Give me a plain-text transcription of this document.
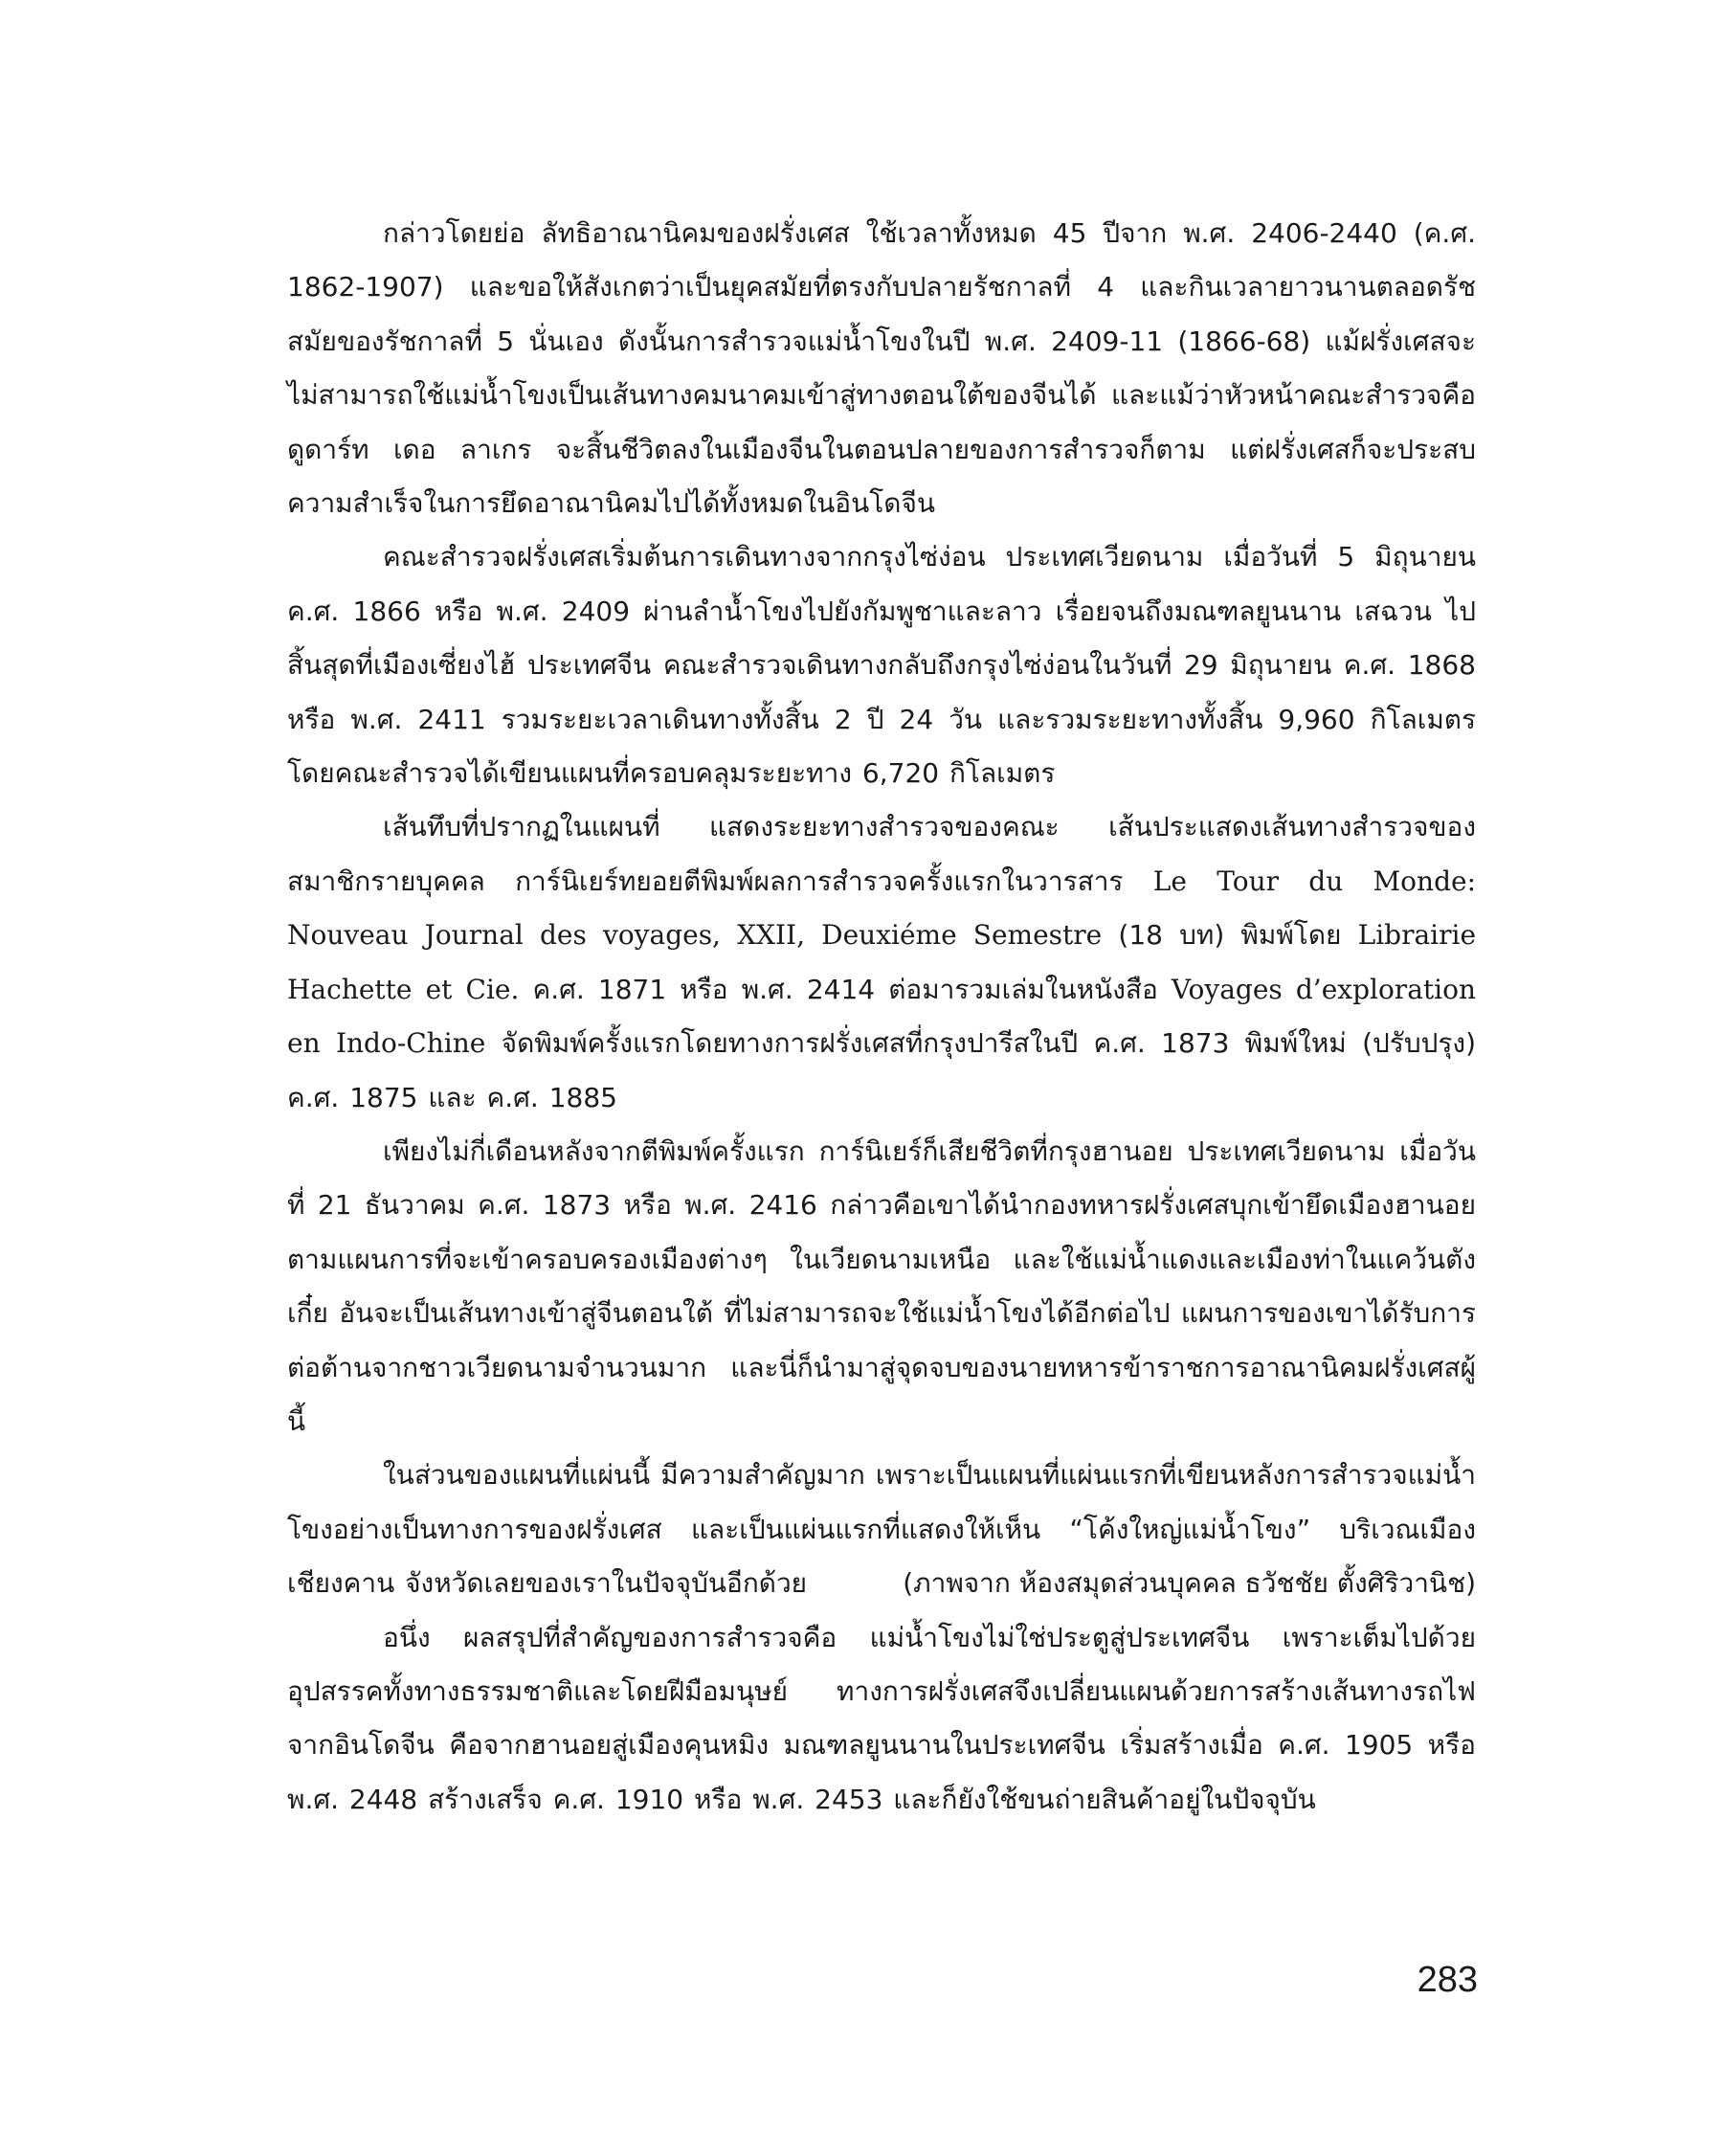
กล่าวโดยย่อ ลัทธิอาณานิคมของฝรั่งเศส ใช้เวลาทั้งหมด 45 ปีจาก พ.ศ. 2406-2440 (ค.ศ. 1862-1907) และขอให้สังเกตว่าเป็นยุคสมัยที่ตรงกับปลายรัชกาลที่ 4 และกินเวลายาวนานตลอดรัชสมัยของรัชกาลที่ 5 นั่นเอง ดังนั้นการสำรวจแม่น้ำโขงในปี พ.ศ. 2409-11 (1866-68) แม้ฝรั่งเศสจะไม่สามารถใช้แม่น้ำโขงเป็นเส้นทางคมนาคมเข้าสู่ทางตอนใต้ของจีนได้ และแม้ว่าหัวหน้าคณะสำรวจคือ ดูดาร์ท เดอ ลาเกร จะสิ้นชีวิตลงในเมืองจีนในตอนปลายของการสำรวจก็ตาม แต่ฝรั่งเศสก็จะประสบความสำเร็จในการยึดอาณานิคมไปได้ทั้งหมดในอินโดจีน

คณะสำรวจฝรั่งเศสเริ่มต้นการเดินทางจากกรุงไซ่ง่อน ประเทศเวียดนาม เมื่อวันที่ 5 มิถุนายน ค.ศ. 1866 หรือ พ.ศ. 2409 ผ่านลำน้ำโขงไปยังกัมพูชาและลาว เรื่อยจนถึงมณฑลยูนนาน เสฉวน ไปสิ้นสุดที่เมืองเซี่ยงไฮ้ ประเทศจีน คณะสำรวจเดินทางกลับถึงกรุงไซ่ง่อนในวันที่ 29 มิถุนายน ค.ศ. 1868 หรือ พ.ศ. 2411 รวมระยะเวลาเดินทางทั้งสิ้น 2 ปี 24 วัน และรวมระยะทางทั้งสิ้น 9,960 กิโลเมตร โดยคณะสำรวจได้เขียนแผนที่ครอบคลุมระยะทาง 6,720 กิโลเมตร

เส้นทึบที่ปรากฏในแผนที่ แสดงระยะทางสำรวจของคณะ เส้นประแสดงเส้นทางสำรวจของสมาชิกรายบุคคล การ์นิเยร์ทยอยตีพิมพ์ผลการสำรวจครั้งแรกในวารสาร Le Tour du Monde: Nouveau Journal des voyages, XXII, Deuxiéme Semestre (18 บท) พิมพ์โดย Librairie Hachette et Cie. ค.ศ. 1871 หรือ พ.ศ. 2414 ต่อมารวมเล่มในหนังสือ Voyages d’exploration en Indo-Chine จัดพิมพ์ครั้งแรกโดยทางการฝรั่งเศสที่กรุงปารีสในปี ค.ศ. 1873 พิมพ์ใหม่ (ปรับปรุง) ค.ศ. 1875 และ ค.ศ. 1885

เพียงไม่กี่เดือนหลังจากตีพิมพ์ครั้งแรก การ์นิเยร์ก็เสียชีวิตที่กรุงฮานอย ประเทศเวียดนาม เมื่อวันที่ 21 ธันวาคม ค.ศ. 1873 หรือ พ.ศ. 2416 กล่าวคือเขาได้นำกองทหารฝรั่งเศสบุกเข้ายึดเมืองฮานอย ตามแผนการที่จะเข้าครอบครองเมืองต่างๆ ในเวียดนามเหนือ และใช้แม่น้ำแดงและเมืองท่าในแคว้นตังเกี๋ย อันจะเป็นเส้นทางเข้าสู่จีนตอนใต้ ที่ไม่สามารถจะใช้แม่น้ำโขงได้อีกต่อไป แผนการของเขาได้รับการต่อต้านจากชาวเวียดนามจำนวนมาก และนี่ก็นำมาสู่จุดจบของนายทหารข้าราชการอาณานิคมฝรั่งเศสผู้นี้

ในส่วนของแผนที่แผ่นนี้ มีความสำคัญมาก เพราะเป็นแผนที่แผ่นแรกที่เขียนหลังการสำรวจแม่น้ำโขงอย่างเป็นทางการของฝรั่งเศส และเป็นแผ่นแรกที่แสดงให้เห็น “โค้งใหญ่แม่น้ำโขง” บริเวณเมืองเชียงคาน จังหวัดเลยของเราในปัจจุบันอีกด้วย

อนึ่ง ผลสรุปที่สำคัญของการสำรวจคือ แม่น้ำโขงไม่ใช่ประตูสู่ประเทศจีน เพราะเต็มไปด้วยอุปสรรคทั้งทางธรรมชาติและโดยฝีมือมนุษย์ ทางการฝรั่งเศสจึงเปลี่ยนแผนด้วยการสร้างเส้นทางรถไฟจากอินโดจีน คือจากฮานอยสู่เมืองคุนหมิง มณฑลยูนนานในประเทศจีน เริ่มสร้างเมื่อ ค.ศ. 1905 หรือ พ.ศ. 2448 สร้างเสร็จ ค.ศ. 1910 หรือ พ.ศ. 2453 และก็ยังใช้ขนถ่ายสินค้าอยู่ในปัจจุบัน

(ภาพจาก ห้องสมุดส่วนบุคคล ธวัชชัย ตั้งศิริวานิช)
283
